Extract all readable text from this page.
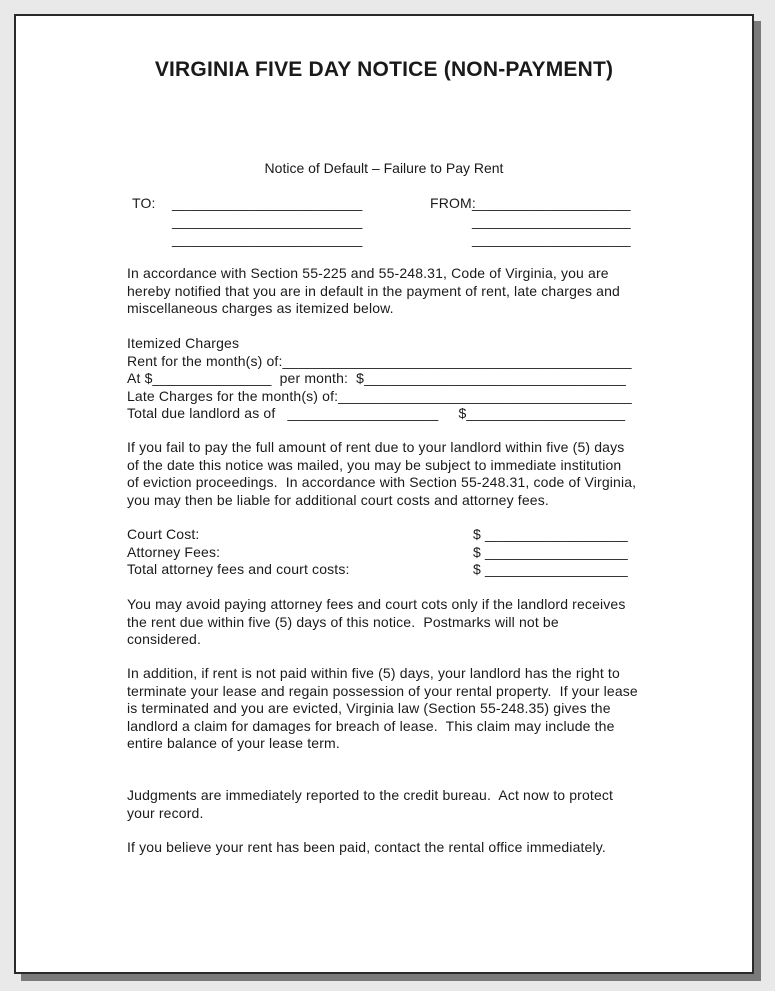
VIRGINIA FIVE DAY NOTICE (NON-PAYMENT)
Notice of Default – Failure to Pay Rent
TO: ________________________
________________________
________________________
FROM:
____________________
____________________
____________________
In accordance with Section 55-225 and 55-248.31, Code of Virginia, you are
hereby notified that you are in default in the payment of rent, late charges and
miscellaneous charges as itemized below.
Itemized Charges
Rent for the month(s) of:____________________________________________
At $_______________  per month:  $_________________________________
Late Charges for the month(s) of:_____________________________________
Total due landlord as of   ___________________     $____________________
If you fail to pay the full amount of rent due to your landlord within five (5) days
of the date this notice was mailed, you may be subject to immediate institution
of eviction proceedings.  In accordance with Section 55-248.31, code of Virginia,
you may then be liable for additional court costs and attorney fees.
Court Cost:	$ __________________
Attorney Fees:	$ __________________
Total attorney fees and court costs:	$ __________________
You may avoid paying attorney fees and court cots only if the landlord receives
the rent due within five (5) days of this notice.  Postmarks will not be
considered.
In addition, if rent is not paid within five (5) days, your landlord has the right to
terminate your lease and regain possession of your rental property.  If your lease
is terminated and you are evicted, Virginia law (Section 55-248.35) gives the
landlord a claim for damages for breach of lease.  This claim may include the
entire balance of your lease term.
Judgments are immediately reported to the credit bureau.  Act now to protect
your record.
If you believe your rent has been paid, contact the rental office immediately.
